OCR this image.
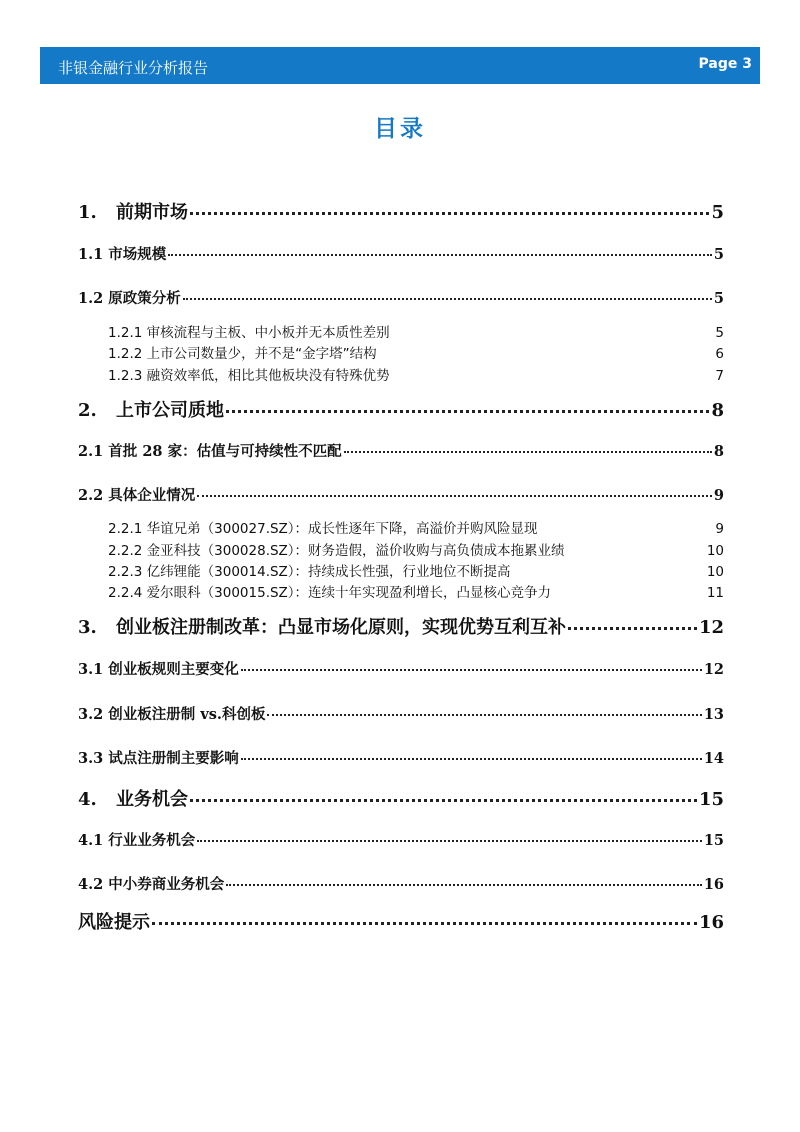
非银金融行业分析报告	Page 3
目录
1. 前期市场	5
1.1 市场规模	5
1.2 原政策分析	5
1.2.1 审核流程与主板、中小板并无本质性差别	5
1.2.2 上市公司数量少，并不是“金字塔”结构	6
1.2.3 融资效率低，相比其他板块没有特殊优势	7
2. 上市公司质地	8
2.1 首批 28 家：估值与可持续性不匹配	8
2.2 具体企业情况	9
2.2.1 华谊兄弟（300027.SZ）：成长性逐年下降，高溢价并购风险显现	9
2.2.2 金亚科技（300028.SZ）：财务造假，溢价收购与高负债成本拖累业绩	10
2.2.3 亿纬锂能（300014.SZ）：持续成长性强，行业地位不断提高	10
2.2.4 爱尔眼科（300015.SZ）：连续十年实现盈利增长，凸显核心竞争力	11
3. 创业板注册制改革：凸显市场化原则，实现优势互利互补	12
3.1 创业板规则主要变化	12
3.2 创业板注册制 vs.科创板	13
3.3 试点注册制主要影响	14
4. 业务机会	15
4.1 行业业务机会	15
4.2 中小券商业务机会	16
风险提示	16
